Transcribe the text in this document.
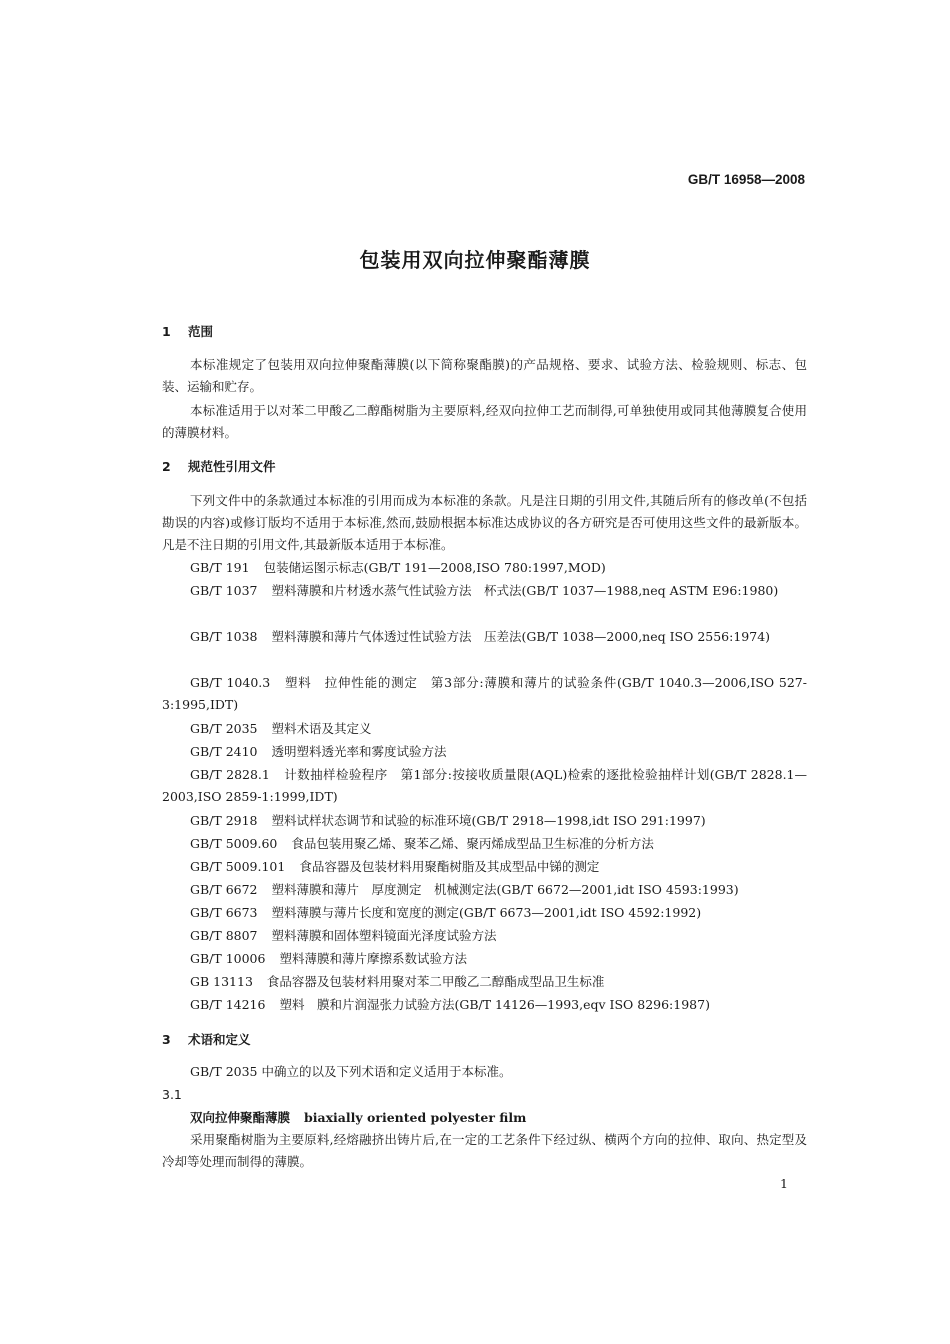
GB/T 16958—2008
包装用双向拉伸聚酯薄膜
1 范围
本标准规定了包装用双向拉伸聚酯薄膜(以下简称聚酯膜)的产品规格、要求、试验方法、检验规则、标志、包装、运输和贮存。
本标准适用于以对苯二甲酸乙二醇酯树脂为主要原料,经双向拉伸工艺而制得,可单独使用或同其他薄膜复合使用的薄膜材料。
2 规范性引用文件
下列文件中的条款通过本标准的引用而成为本标准的条款。凡是注日期的引用文件,其随后所有的修改单(不包括勘误的内容)或修订版均不适用于本标准,然而,鼓励根据本标准达成协议的各方研究是否可使用这些文件的最新版本。凡是不注日期的引用文件,其最新版本适用于本标准。
GB/T 191 包装储运图示标志(GB/T 191—2008,ISO 780:1997,MOD)
GB/T 1037 塑料薄膜和片材透水蒸气性试验方法　杯式法(GB/T 1037—1988,neq ASTM E96:1980)
GB/T 1038 塑料薄膜和薄片气体透过性试验方法　压差法(GB/T 1038—2000,neq ISO 2556:1974)
GB/T 1040.3 塑料　拉伸性能的测定　第3部分:薄膜和薄片的试验条件(GB/T 1040.3—2006,ISO 527-3:1995,IDT)
GB/T 2035 塑料术语及其定义
GB/T 2410 透明塑料透光率和雾度试验方法
GB/T 2828.1 计数抽样检验程序　第1部分:按接收质量限(AQL)检索的逐批检验抽样计划(GB/T 2828.1—2003,ISO 2859-1:1999,IDT)
GB/T 2918 塑料试样状态调节和试验的标准环境(GB/T 2918—1998,idt ISO 291:1997)
GB/T 5009.60 食品包装用聚乙烯、聚苯乙烯、聚丙烯成型品卫生标准的分析方法
GB/T 5009.101 食品容器及包装材料用聚酯树脂及其成型品中锑的测定
GB/T 6672 塑料薄膜和薄片　厚度测定　机械测定法(GB/T 6672—2001,idt ISO 4593:1993)
GB/T 6673 塑料薄膜与薄片长度和宽度的测定(GB/T 6673—2001,idt ISO 4592:1992)
GB/T 8807 塑料薄膜和固体塑料镜面光泽度试验方法
GB/T 10006 塑料薄膜和薄片摩擦系数试验方法
GB 13113 食品容器及包装材料用聚对苯二甲酸乙二醇酯成型品卫生标准
GB/T 14216 塑料　膜和片润湿张力试验方法(GB/T 14126—1993,eqv ISO 8296:1987)
3 术语和定义
GB/T 2035 中确立的以及下列术语和定义适用于本标准。
3.1
双向拉伸聚酯薄膜 biaxially oriented polyester film
采用聚酯树脂为主要原料,经熔融挤出铸片后,在一定的工艺条件下经过纵、横两个方向的拉伸、取向、热定型及冷却等处理而制得的薄膜。
1
